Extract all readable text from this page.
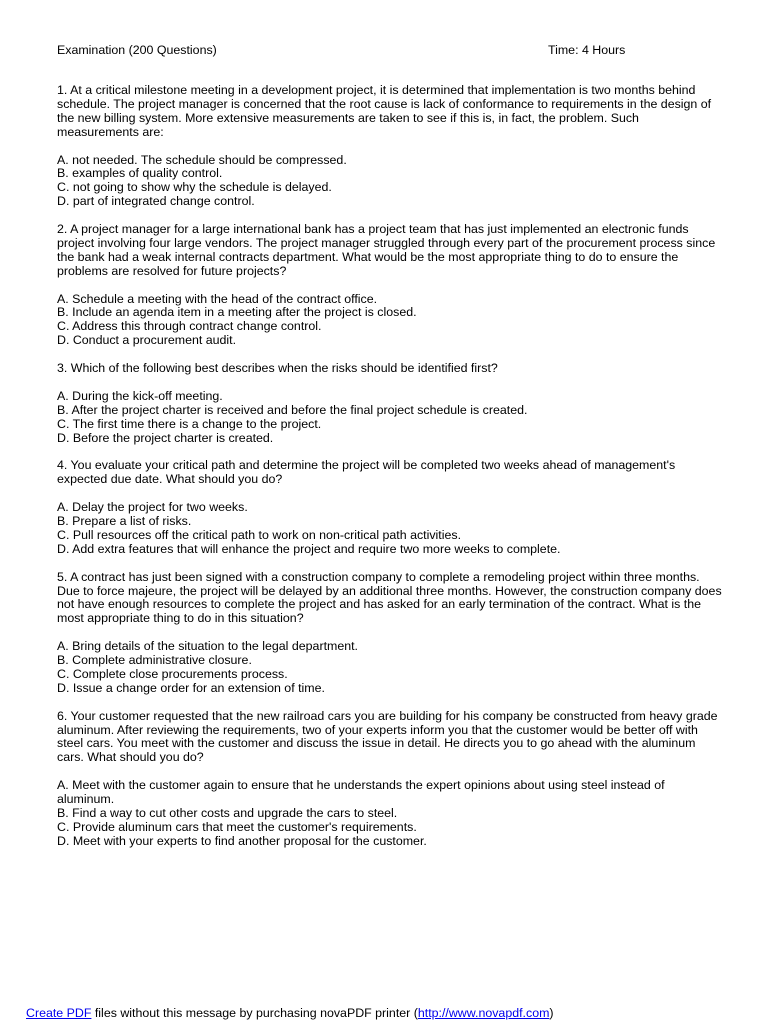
Examination (200 Questions)	Time: 4 Hours
1. At a critical milestone meeting in a development project, it is determined that implementation is two months behind schedule. The project manager is concerned that the root cause is lack of conformance to requirements in the design of the new billing system. More extensive measurements are taken to see if this is, in fact, the problem. Such measurements are:
A. not needed. The schedule should be compressed.
B. examples of quality control.
C. not going to show why the schedule is delayed.
D. part of integrated change control.
2. A project manager for a large international bank has a project team that has just implemented an electronic funds project involving four large vendors. The project manager struggled through every part of the procurement process since the bank had a weak internal contracts department. What would be the most appropriate thing to do to ensure the problems are resolved for future projects?
A. Schedule a meeting with the head of the contract office.
B. Include an agenda item in a meeting after the project is closed.
C. Address this through contract change control.
D. Conduct a procurement audit.
3. Which of the following best describes when the risks should be identified first?
A. During the kick-off meeting.
B. After the project charter is received and before the final project schedule is created.
C. The first time there is a change to the project.
D. Before the project charter is created.
4. You evaluate your critical path and determine the project will be completed two weeks ahead of management's expected due date. What should you do?
A. Delay the project for two weeks.
B. Prepare a list of risks.
C. Pull resources off the critical path to work on non-critical path activities.
D. Add extra features that will enhance the project and require two more weeks to complete.
5. A contract has just been signed with a construction company to complete a remodeling project within three months. Due to force majeure, the project will be delayed by an additional three months. However, the construction company does not have enough resources to complete the project and has asked for an early termination of the contract. What is the most appropriate thing to do in this situation?
A. Bring details of the situation to the legal department.
B. Complete administrative closure.
C. Complete close procurements process.
D. Issue a change order for an extension of time.
6. Your customer requested that the new railroad cars you are building for his company be constructed from heavy grade aluminum. After reviewing the requirements, two of your experts inform you that the customer would be better off with steel cars. You meet with the customer and discuss the issue in detail. He directs you to go ahead with the aluminum cars. What should you do?
A. Meet with the customer again to ensure that he understands the expert opinions about using steel instead of aluminum.
B. Find a way to cut other costs and upgrade the cars to steel.
C. Provide aluminum cars that meet the customer's requirements.
D. Meet with your experts to find another proposal for the customer.
Create PDF files without this message by purchasing novaPDF printer (http://www.novapdf.com)
